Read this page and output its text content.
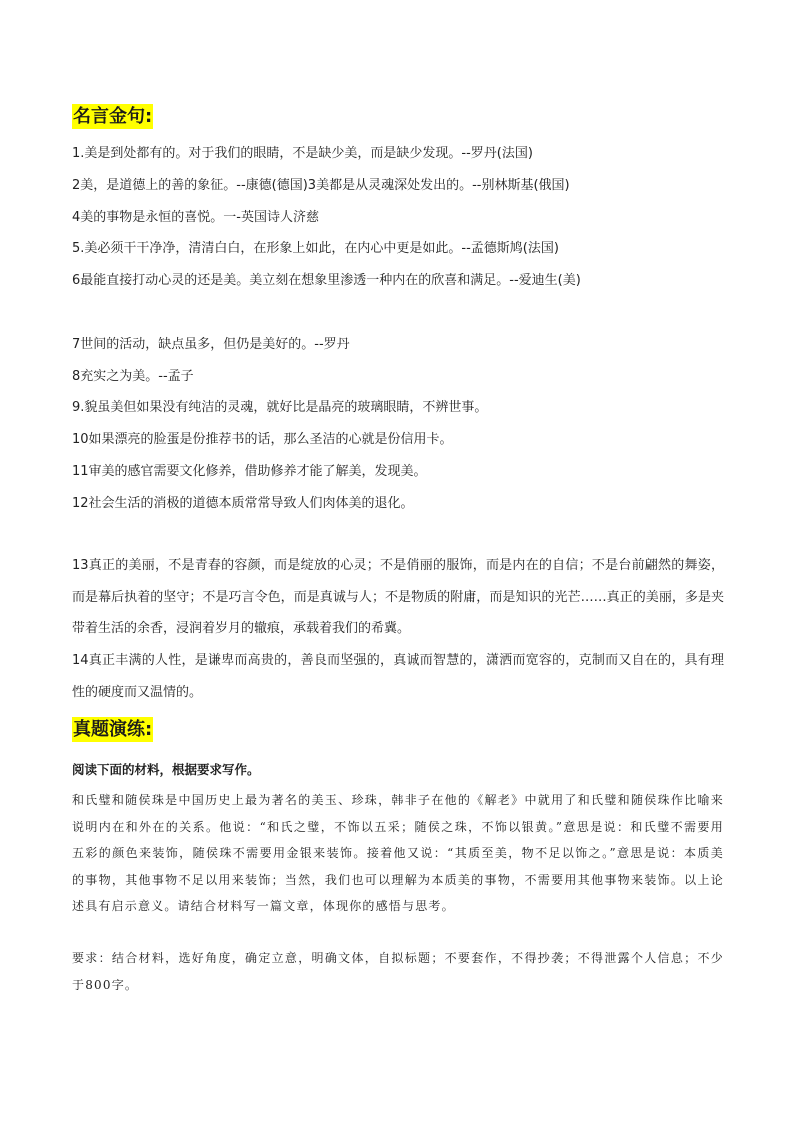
名言金句:
1.美是到处都有的。对于我们的眼睛，不是缺少美，而是缺少发现。--罗丹(法国)
2美，是道德上的善的象征。--康德(德国)3美都是从灵魂深处发出的。--别林斯基(俄国)
4美的事物是永恒的喜悦。一-英国诗人济慈
5.美必须干干净净，清清白白，在形象上如此，在内心中更是如此。--孟德斯鸠(法国)
6最能直接打动心灵的还是美。美立刻在想象里渗透一种内在的欣喜和满足。--爱迪生(美)
7世间的活动，缺点虽多，但仍是美好的。--罗丹
8充实之为美。--孟子
9.貌虽美但如果没有纯洁的灵魂，就好比是晶亮的玻璃眼睛，不辨世事。
10如果漂亮的脸蛋是份推荐书的话，那么圣洁的心就是份信用卡。
11审美的感官需要文化修养，借助修养才能了解美，发现美。
12社会生活的消极的道德本质常常导致人们肉体美的退化。
13真正的美丽，不是青春的容颜，而是绽放的心灵；不是俏丽的服饰，而是内在的自信；不是台前翩然的舞姿，而是幕后执着的坚守；不是巧言令色，而是真诚与人；不是物质的附庸，而是知识的光芒……真正的美丽，多是夹带着生活的余香，浸润着岁月的辙痕，承载着我们的希冀。
14真正丰满的人性，是谦卑而高贵的，善良而坚强的，真诚而智慧的，潇洒而宽容的，克制而又自在的，具有理性的硬度而又温情的。
真题演练:
阅读下面的材料，根据要求写作。
和氏璧和随侯珠是中国历史上最为著名的美玉、珍珠，韩非子在他的《解老》中就用了和氏璧和随侯珠作比喻来说明内在和外在的关系。他说：“和氏之璧，不饰以五采；随侯之珠，不饰以银黄。”意思是说：和氏璧不需要用五彩的颜色来装饰，随侯珠不需要用金银来装饰。接着他又说：“其质至美，物不足以饰之。”意思是说：本质美的事物，其他事物不足以用来装饰；当然，我们也可以理解为本质美的事物，不需要用其他事物来装饰。以上论述具有启示意义。请结合材料写一篇文章，体现你的感悟与思考。
要求：结合材料，选好角度，确定立意，明确文体，自拟标题；不要套作，不得抄袭；不得泄露个人信息；不少于800字。
